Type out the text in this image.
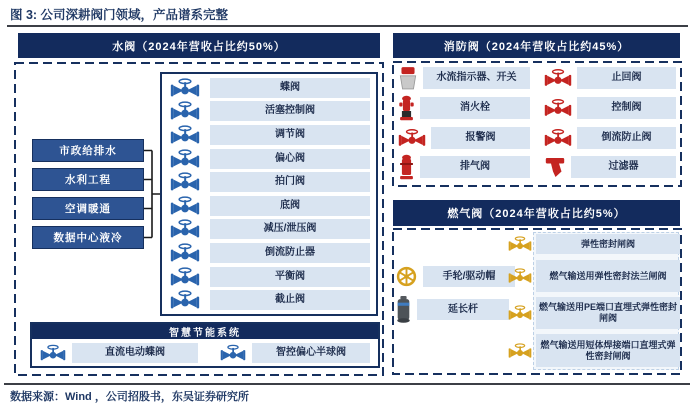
图 3: 公司深耕阀门领域，产品谱系完整
水阀（2024年营收占比约50%）
市政给排水
水利工程
空调暖通
数据中心液冷
蝶阀
活塞控制阀
调节阀
偏心阀
拍门阀
底阀
减压/泄压阀
倒流防止器
平衡阀
截止阀
智慧节能系统
直流电动蝶阀	智控偏心半球阀
消防阀（2024年营收占比约45%）
水流指示器、开关	止回阀
消火栓	控制阀
报警阀	倒流防止阀
排气阀	过滤器
燃气阀（2024年营收占比约5%）
手轮/驱动帽
延长杆
弹性密封闸阀
燃气输送用弹性密封法兰闸阀
燃气输送用PE端口直埋式弹性密封闸阀
燃气输送用短体焊接端口直埋式弹性密封闸阀
数据来源：Wind ，公司招股书，东吴证券研究所
